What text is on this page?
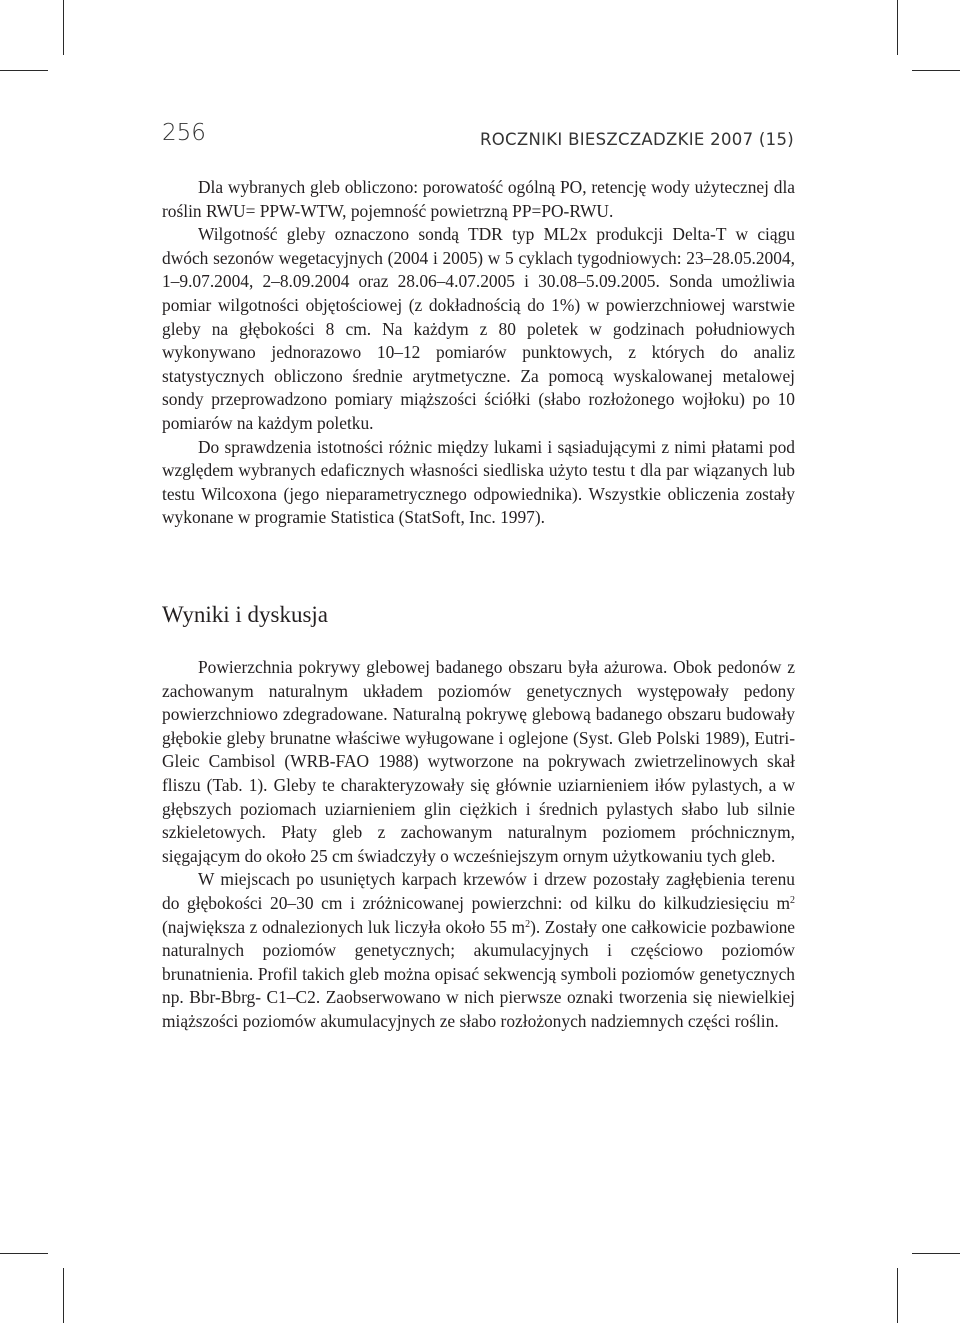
256	ROCZNIKI BIESZCZADZKIE 2007 (15)

Dla wybranych gleb obliczono: porowatość ogólną PO, retencję wody użytecznej dla roślin RWU= PPW-WTW, pojemność powietrzną PP=PO-RWU.

Wilgotność gleby oznaczono sondą TDR typ ML2x produkcji Delta-T w ciągu dwóch sezonów wegetacyjnych (2004 i 2005) w 5 cyklach tygodniowych: 23–28.05.2004, 1–9.07.2004, 2–8.09.2004 oraz 28.06–4.07.2005 i 30.08–5.09.2005. Sonda umożliwia pomiar wilgotności objętościowej (z dokładnością do 1%) w powierzchniowej warstwie gleby na głębokości 8 cm. Na każdym z 80 poletek w godzinach południowych wykonywano jednorazowo 10–12 pomiarów punktowych, z których do analiz statystycznych obliczono średnie arytmetyczne. Za pomocą wyskalowanej metalowej sondy przeprowadzono pomiary miąższości ściółki (słabo rozłożonego wojłoku) po 10 pomiarów na każdym poletku.

Do sprawdzenia istotności różnic między lukami i sąsiadującymi z nimi płatami pod względem wybranych edaficznych własności siedliska użyto testu t dla par wiązanych lub testu Wilcoxona (jego nieparametrycznego odpowiednika). Wszystkie obliczenia zostały wykonane w programie Statistica (StatSoft, Inc. 1997).

Wyniki i dyskusja

Powierzchnia pokrywy glebowej badanego obszaru była ażurowa. Obok pedonów z zachowanym naturalnym układem poziomów genetycznych występowały pedony powierzchniowo zdegradowane. Naturalną pokrywę glebową badanego obszaru budowały głębokie gleby brunatne właściwe wyługowane i oglejone (Syst. Gleb Polski 1989), Eutri-Gleic Cambisol (WRB-FAO 1988) wytworzone na pokrywach zwietrzelinowych skał fliszu (Tab. 1). Gleby te charakteryzowały się głównie uziarnieniem iłów pylastych, a w głębszych poziomach uziarnieniem glin ciężkich i średnich pylastych słabo lub silnie szkieletowych. Płaty gleb z zachowanym naturalnym poziomem próchnicznym, sięgającym do około 25 cm świadczyły o wcześniejszym ornym użytkowaniu tych gleb.

W miejscach po usuniętych karpach krzewów i drzew pozostały zagłębienia terenu do głębokości 20–30 cm i zróżnicowanej powierzchni: od kilku do kilkudziesięciu $m^2$ (największa z odnalezionych luk liczyła około 55 $m^2$). Zostały one całkowicie pozbawione naturalnych poziomów genetycznych; akumulacyjnych i częściowo poziomów brunatnienia. Profil takich gleb można opisać sekwencją symboli poziomów genetycznych np. Bbr-Bbrg- C1–C2. Zaobserwowano w nich pierwsze oznaki tworzenia się niewielkiej miąższości poziomów akumulacyjnych ze słabo rozłożonych nadziemnych części roślin.
